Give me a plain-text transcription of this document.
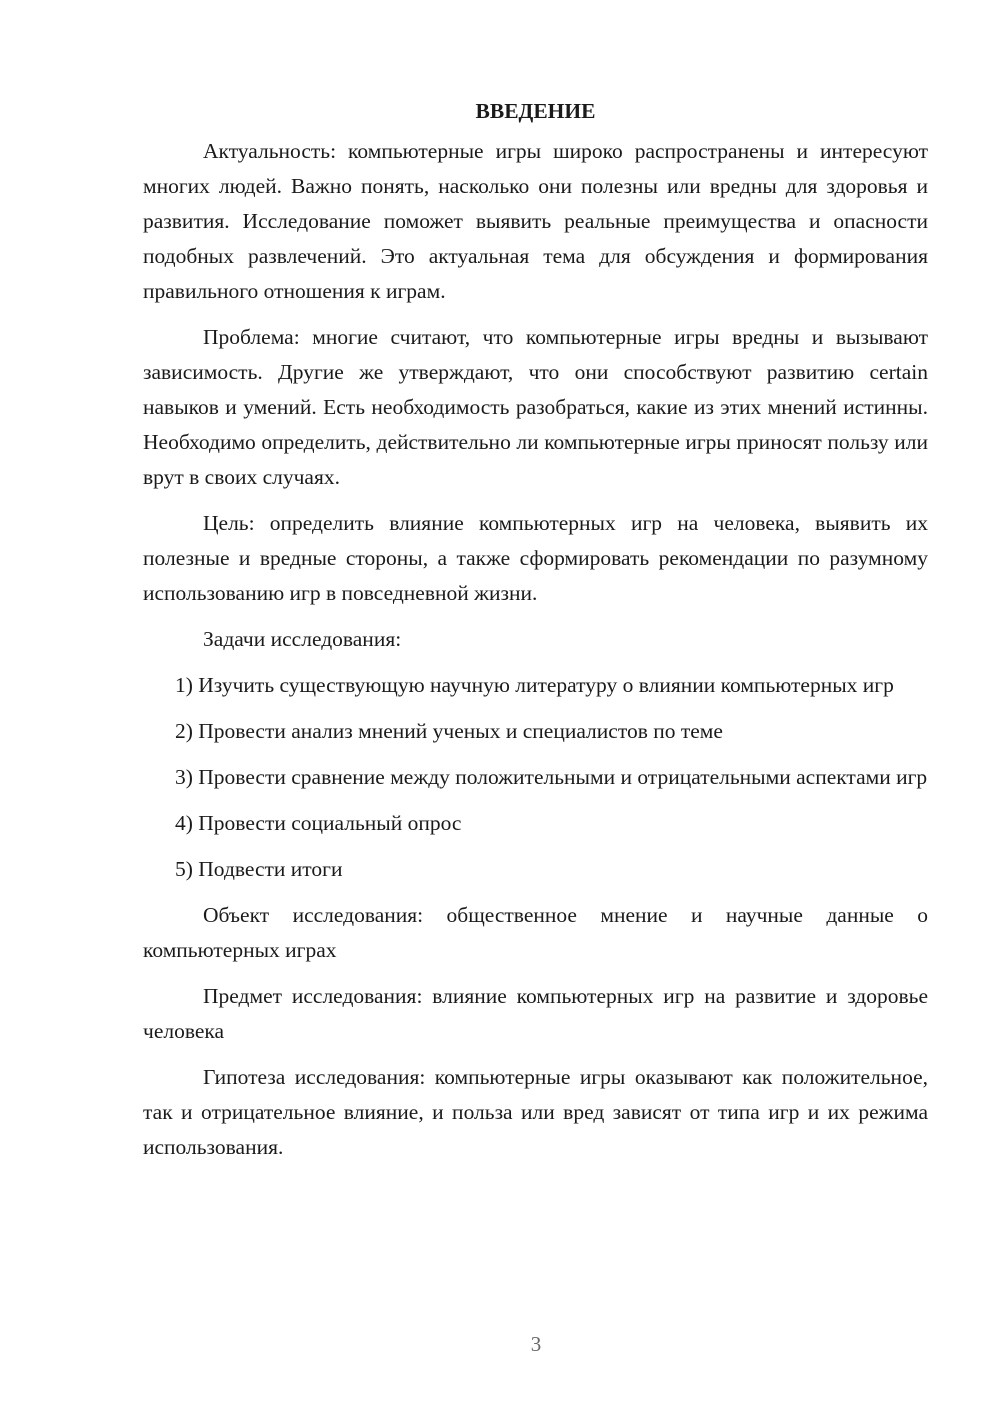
ВВЕДЕНИЕ

Актуальность: компьютерные игры широко распространены и интересуют многих людей. Важно понять, насколько они полезны или вредны для здоровья и развития. Исследование поможет выявить реальные преимущества и опасности подобных развлечений. Это актуальная тема для обсуждения и формирования правильного отношения к играм.

Проблема: многие считают, что компьютерные игры вредны и вызывают зависимость. Другие же утверждают, что они способствуют развитию certain навыков и умений. Есть необходимость разобраться, какие из этих мнений истинны. Необходимо определить, действительно ли компьютерные игры приносят пользу или врут в своих случаях.

Цель: определить влияние компьютерных игр на человека, выявить их полезные и вредные стороны, а также сформировать рекомендации по разумному использованию игр в повседневной жизни.

Задачи исследования:

1) Изучить существующую научную литературу о влиянии компьютерных игр

2) Провести анализ мнений ученых и специалистов по теме

3) Провести сравнение между положительными и отрицательными аспектами игр

4) Провести социальный опрос

5) Подвести итоги

Объект исследования: общественное мнение и научные данные о компьютерных играх

Предмет исследования: влияние компьютерных игр на развитие и здоровье человека

Гипотеза исследования: компьютерные игры оказывают как положительное, так и отрицательное влияние, и польза или вред зависят от типа игр и их режима использования.

3
